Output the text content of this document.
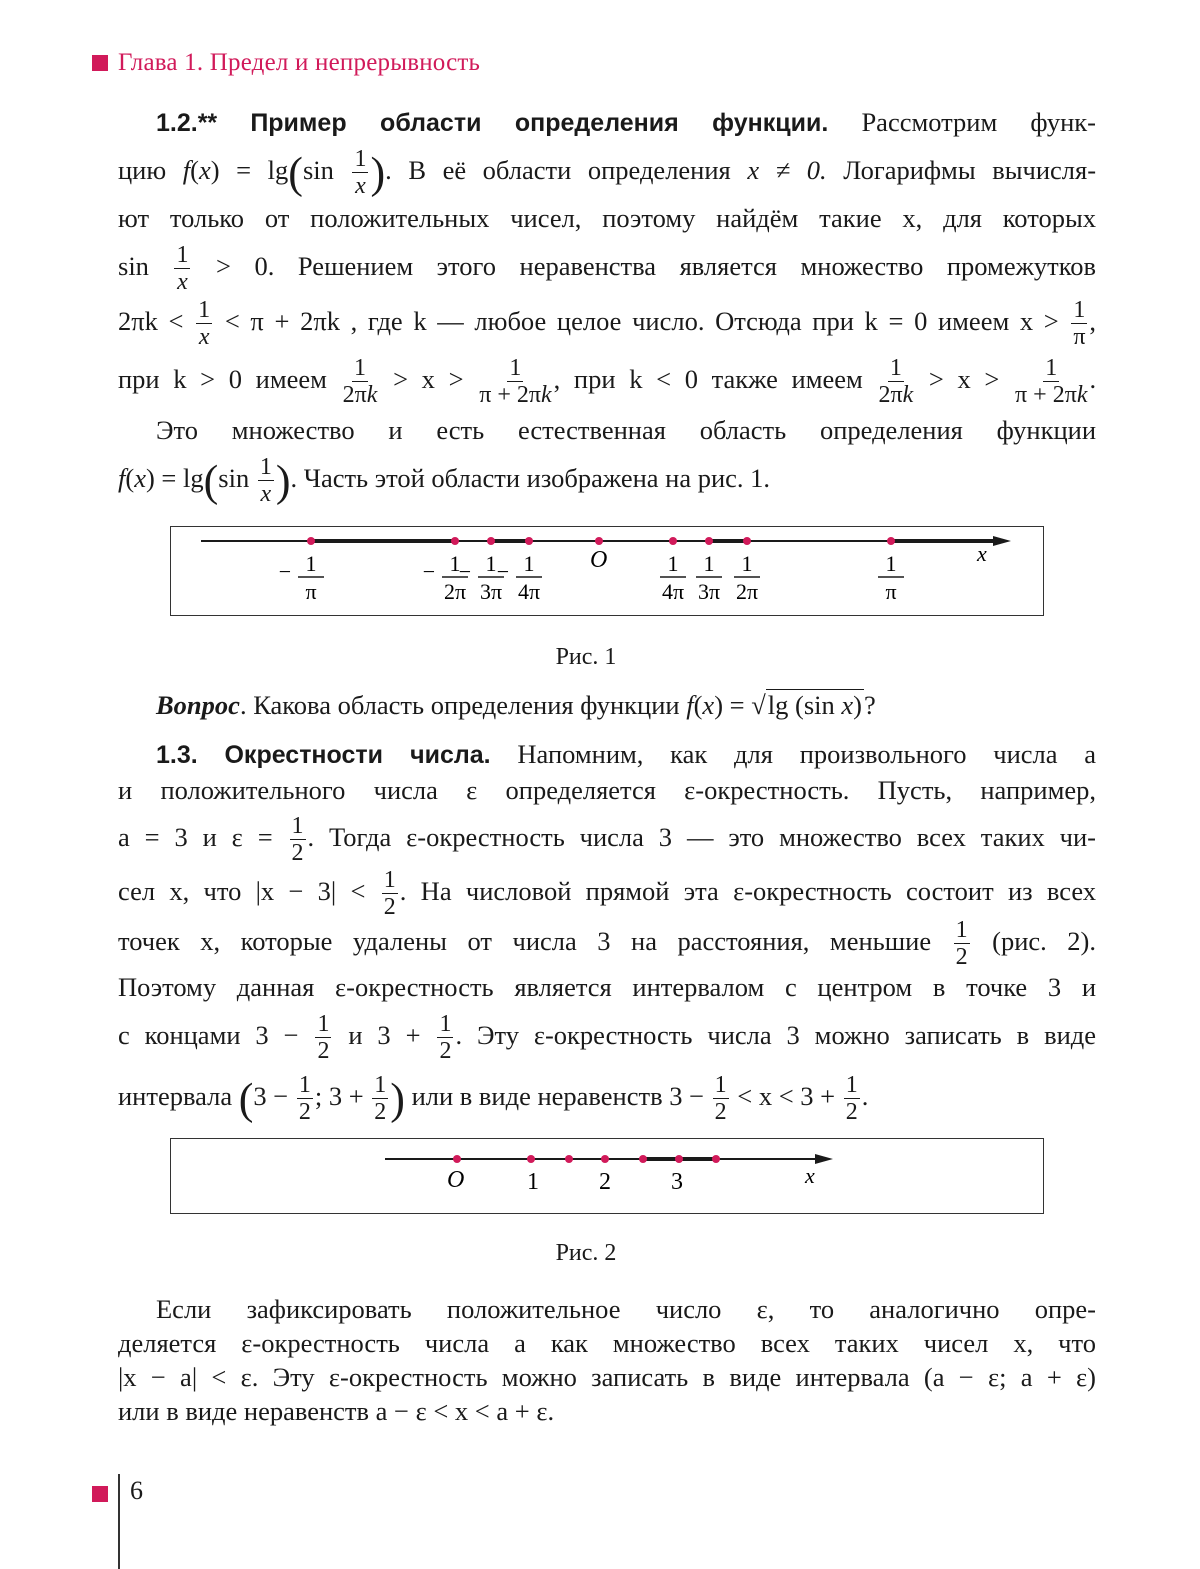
Глава 1. Предел и непрерывность
1.2.** Пример области определения функции. Рассмотрим функ-
цию $f(x) = \lg(\sin \frac{1}{x}$ ). В её области определения x ≠ 0. Логарифмы вычисля-
ют только от положительных чисел, поэтому найдём такие x, для которых
$\sin \frac{1}{x} > 0$. Решением этого неравенства является множество промежутков
$2\pi k < \frac{1}{x} < \pi + 2\pi k$ , где k — любое целое число. Отсюда при k = 0 имеем $x > \frac{1}{\pi}$ ,
при k > 0 имеем $\frac{1}{2\pi k} > x > \frac{1}{\pi + 2\pi k}$ , при k < 0 также имеем $\frac{1}{2\pi k} > x > \frac{1}{\pi + 2\pi k}$ .
Это множество и есть естественная область определения функции
$f(x) = \lg(\sin \frac{1}{x}$ ). Часть этой области изображена на рис. 1.
x
O
− 1
π
− 1
2π
− 1
3π
− 1
4π
1
4π
1
3π
1
2π
1
π
Рис. 1
Вопрос. Какова область определения функции f(x) = √lg (sin x)?
1.3. Окрестности числа. Напомним, как для произвольного числа a
и положительного числа ε определяется ε-окрестность. Пусть, например,
a = 3 и $\varepsilon = \frac{1}{2}$ . Тогда ε-окрестность числа 3 — это множество всех таких чи-
сел x, что $|x - 3| < \frac{1}{2}$ . На числовой прямой эта ε-окрестность состоит из всех
точек x, которые удалены от числа 3 на расстояния, меньшие $\frac{1}{2} (рис$. 2).
Поэтому данная ε-окрестность является интервалом с центром в точке 3 и
с концами $3 - \frac{1}{2}$ и $3 + \frac{1}{2}$ . Эту ε-окрестность числа 3 можно записать в виде
интервала ($3 - \frac{1}{2}$ ; $3 + \frac{1}{2}$ ) или в виде неравенств $3 - \frac{1}{2} < x < 3 + \frac{1}{2}$ .
x
O	1	2	3
Рис. 2
Если зафиксировать положительное число ε, то аналогично опре-
деляется ε-окрестность числа a как множество всех таких чисел x, что
|x − a| < ε. Эту ε-окрестность можно записать в виде интервала (a − ε; a + ε)
или в виде неравенств a − ε < x < a + ε.
6
